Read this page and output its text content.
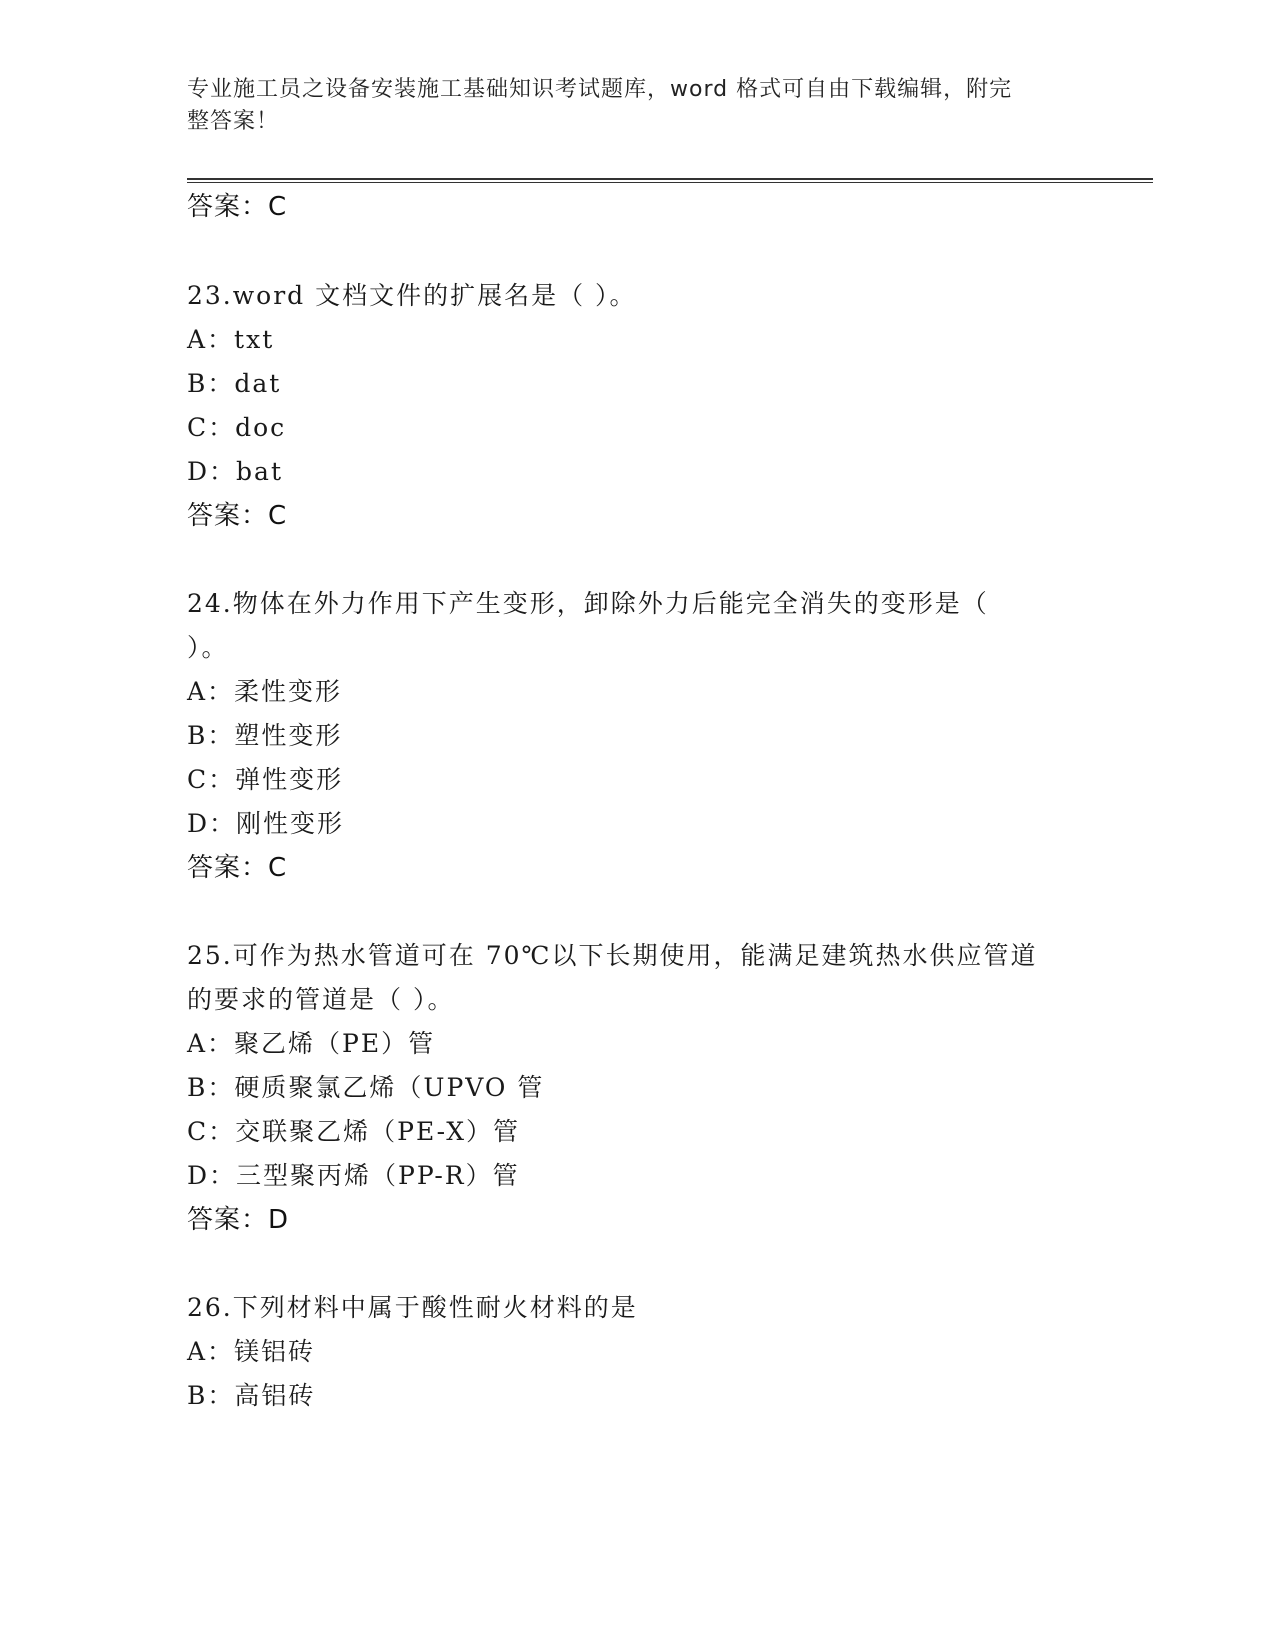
专业施工员之设备安装施工基础知识考试题库，word 格式可自由下载编辑，附完
整答案！
答案：C
23.word 文档文件的扩展名是（ ）。
A：txt
B：dat
C：doc
D：bat
答案：C
24.物体在外力作用下产生变形，卸除外力后能完全消失的变形是（
）。
A：柔性变形
B：塑性变形
C：弹性变形
D：刚性变形
答案：C
25.可作为热水管道可在 70℃以下长期使用，能满足建筑热水供应管道
的要求的管道是（ ）。
A：聚乙烯（PE）管
B：硬质聚氯乙烯（UPVO 管
C：交联聚乙烯（PE-X）管
D：三型聚丙烯（PP-R）管
答案：D
26.下列材料中属于酸性耐火材料的是
A：镁铝砖
B：高铝砖
